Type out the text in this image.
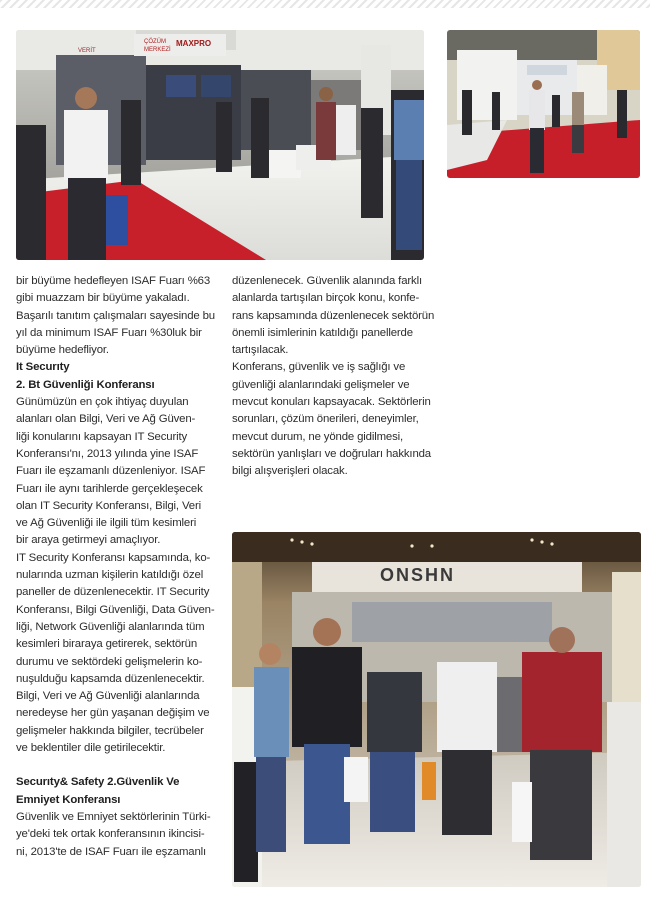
ÇÖZÜM
MERKEZİ
MAXPRO
VERİT

bir büyüme hedefleyen ISAF Fuarı %63

gibi muazzam bir büyüme yakaladı.

Başarılı tanıtım çalışmaları sayesinde bu

yıl da minimum ISAF Fuarı %30luk bir

büyüme hedefliyor.

It Securıty

2. Bt Güvenliği Konferansı

Günümüzün en çok ihtiyaç duyulan

alanları olan Bilgi, Veri ve Ağ Güven-

liği konularını kapsayan IT Security

Konferansı'nı, 2013 yılında yine ISAF

Fuarı ile eşzamanlı düzenleniyor. ISAF

Fuarı ile aynı tarihlerde gerçekleşecek

olan IT Security Konferansı, Bilgi, Veri

ve Ağ Güvenliği ile ilgili tüm kesimleri

bir araya getirmeyi amaçlıyor.

IT Security Konferansı kapsamında, ko-

nularında uzman kişilerin katıldığı özel

paneller de düzenlenecektir. IT Security

Konferansı, Bilgi Güvenliği, Data Güven-

liği, Network Güvenliği alanlarında tüm

kesimleri biraraya getirerek, sektörün

durumu ve sektördeki gelişmelerin ko-

nuşulduğu kapsamda düzenlenecektir.

Bilgi, Veri ve Ağ Güvenliği alanlarında

neredeyse her gün yaşanan değişim ve

gelişmeler hakkında bilgiler, tecrübeler

ve beklentiler dile getirilecektir.

Securıty& Safety 2.Güvenlik Ve

Emniyet Konferansı

Güvenlik ve Emniyet sektörlerinin Türki-

ye'deki tek ortak konferansının ikincisi-

ni, 2013'te de ISAF Fuarı ile eşzamanlı

düzenlenecek. Güvenlik alanında farklı

alanlarda tartışılan birçok konu, konfe-

rans kapsamında düzenlenecek sektörün

önemli isimlerinin katıldığı panellerde

tartışılacak.

Konferans, güvenlik ve iş sağlığı ve

güvenliği alanlarındaki gelişmeler ve

mevcut konuları kapsayacak. Sektörlerin

sorunları, çözüm önerileri, deneyimler,

mevcut durum, ne yönde gidilmesi,

sektörün yanlışları ve doğruları hakkında

bilgi alışverişleri olacak.

ONSHN
